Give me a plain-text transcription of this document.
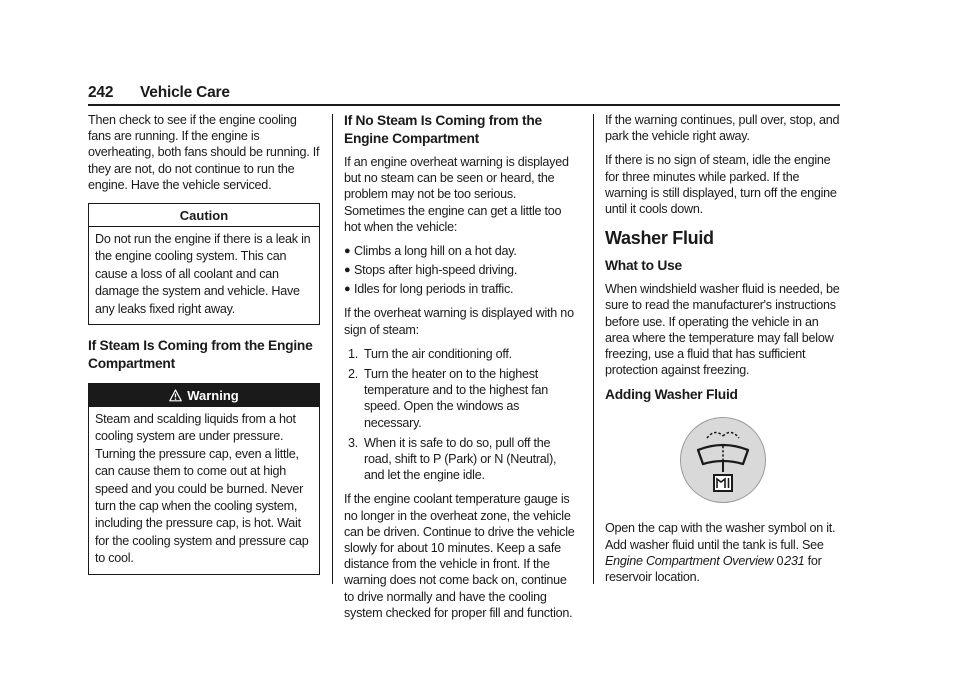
242 Vehicle Care

Then check to see if the engine cooling fans are running. If the engine is overheating, both fans should be running. If they are not, do not continue to run the engine. Have the vehicle serviced.

Caution

Do not run the engine if there is a leak in the engine cooling system. This can cause a loss of all coolant and can damage the system and vehicle. Have any leaks fixed right away.

If Steam Is Coming from the Engine Compartment
Warning

Steam and scalding liquids from a hot cooling system are under pressure. Turning the pressure cap, even a little, can cause them to come out at high speed and you could be burned. Never turn the cap when the cooling system, including the pressure cap, is hot. Wait for the cooling system and pressure cap to cool.

If No Steam Is Coming from the Engine Compartment

If an engine overheat warning is displayed but no steam can be seen or heard, the problem may not be too serious. Sometimes the engine can get a little too hot when the vehicle:

● Climbs a long hill on a hot day.
● Stops after high-speed driving.
● Idles for long periods in traffic.

If the overheat warning is displayed with no sign of steam:

1. Turn the air conditioning off.
2. Turn the heater on to the highest temperature and to the highest fan speed. Open the windows as necessary.
3. When it is safe to do so, pull off the road, shift to P (Park) or N (Neutral), and let the engine idle.

If the engine coolant temperature gauge is no longer in the overheat zone, the vehicle can be driven. Continue to drive the vehicle slowly for about 10 minutes. Keep a safe distance from the vehicle in front. If the warning does not come back on, continue to drive normally and have the cooling system checked for proper fill and function.

If the warning continues, pull over, stop, and park the vehicle right away.

If there is no sign of steam, idle the engine for three minutes while parked. If the warning is still displayed, turn off the engine until it cools down.

Washer Fluid
What to Use

When windshield washer fluid is needed, be sure to read the manufacturer's instructions before use. If operating the vehicle in an area where the temperature may fall below freezing, use a fluid that has sufficient protection against freezing.

Adding Washer Fluid

Open the cap with the washer symbol on it. Add washer fluid until the tank is full. See Engine Compartment Overview 0 231 for reservoir location.
